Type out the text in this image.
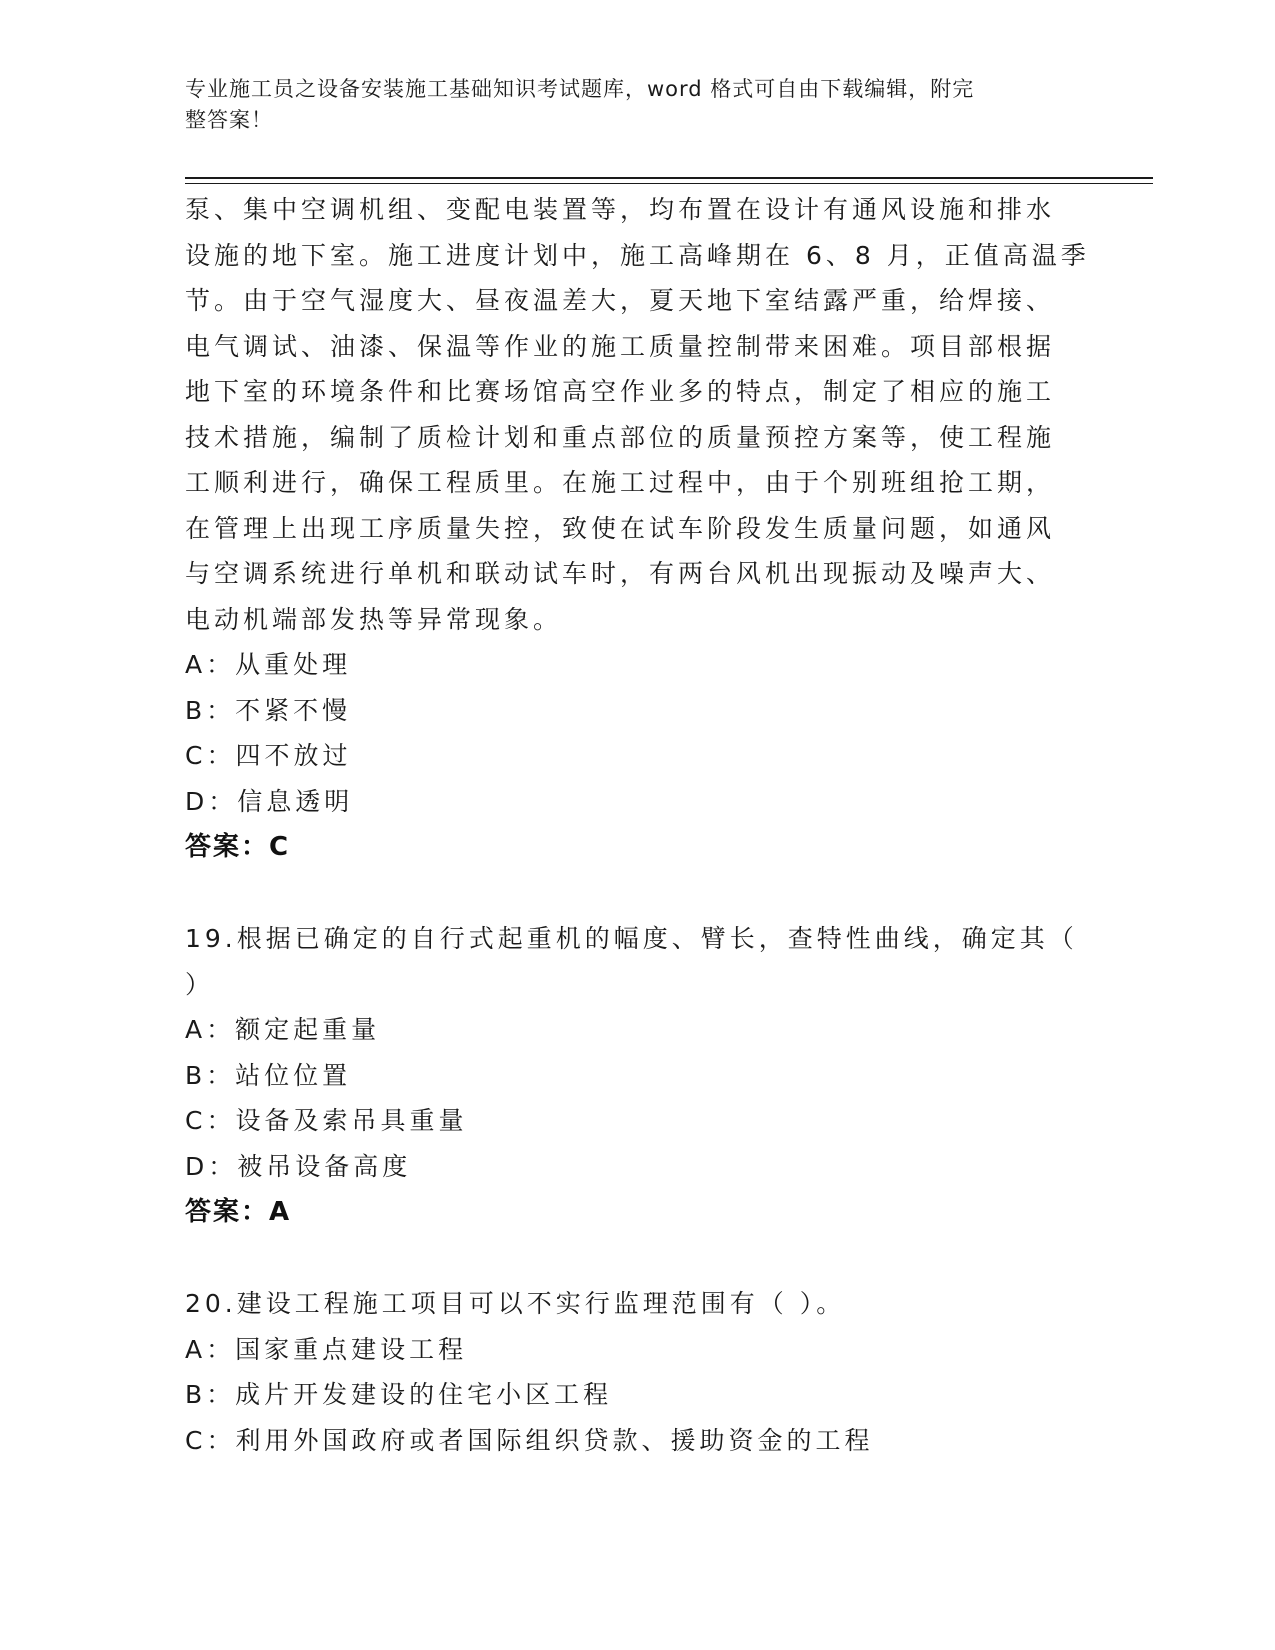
专业施工员之设备安装施工基础知识考试题库，word 格式可自由下载编辑，附完
整答案！
泵、集中空调机组、变配电装置等，均布置在设计有通风设施和排水
设施的地下室。施工进度计划中，施工高峰期在 6、8 月，正值高温季
节。由于空气湿度大、昼夜温差大，夏天地下室结露严重，给焊接、
电气调试、油漆、保温等作业的施工质量控制带来困难。项目部根据
地下室的环境条件和比赛场馆高空作业多的特点，制定了相应的施工
技术措施，编制了质检计划和重点部位的质量预控方案等，使工程施
工顺利进行，确保工程质里。在施工过程中，由于个别班组抢工期，
在管理上出现工序质量失控，致使在试车阶段发生质量问题，如通风
与空调系统进行单机和联动试车时，有两台风机出现振动及噪声大、
电动机端部发热等异常现象。
A：从重处理
B：不紧不慢
C：四不放过
D：信息透明
答案：C
19.根据已确定的自行式起重机的幅度、臂长，查特性曲线，确定其（
）
A：额定起重量
B：站位位置
C：设备及索吊具重量
D：被吊设备高度
答案：A
20.建设工程施工项目可以不实行监理范围有（ ）。
A：国家重点建设工程
B：成片开发建设的住宅小区工程
C：利用外国政府或者国际组织贷款、援助资金的工程
